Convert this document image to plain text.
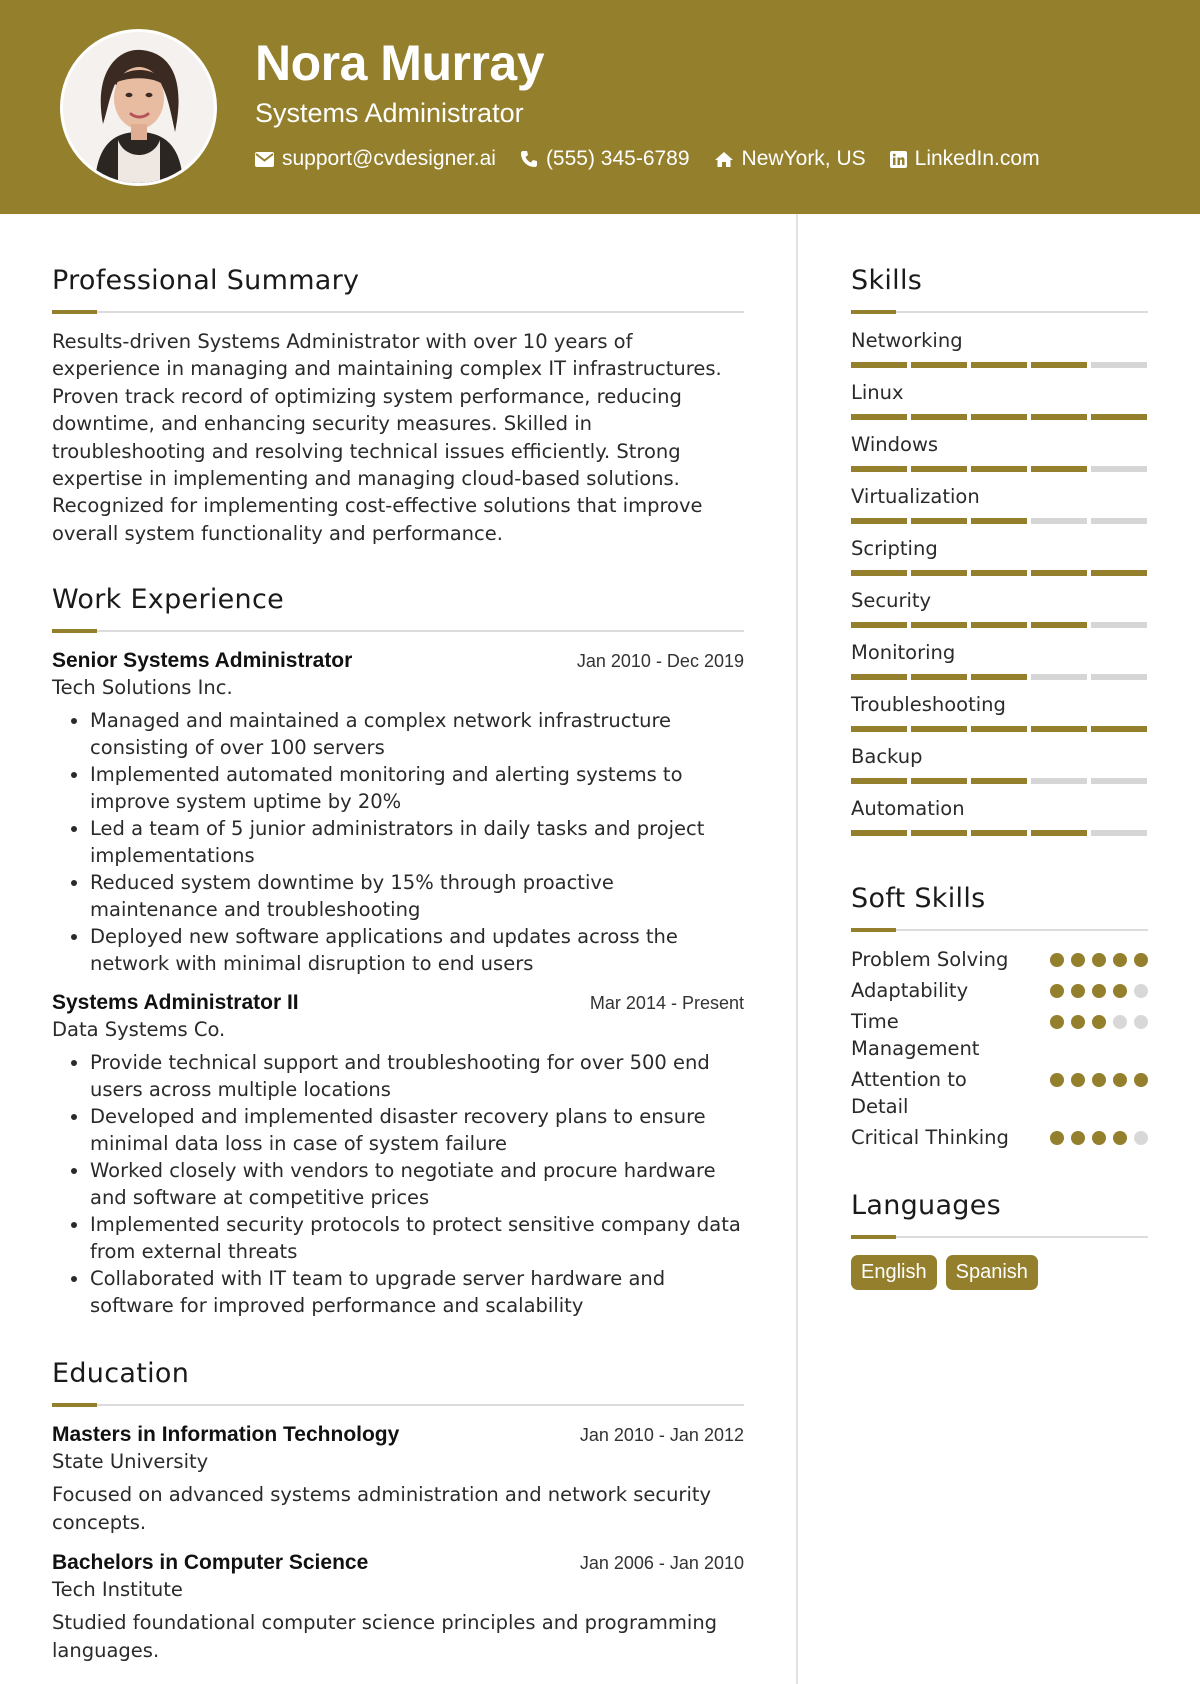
Nora Murray
Systems Administrator
support@cvdesigner.ai (555) 345-6789 NewYork, US LinkedIn.com
Professional Summary
Results-driven Systems Administrator with over 10 years of experience in managing and maintaining complex IT infrastructures. Proven track record of optimizing system performance, reducing downtime, and enhancing security measures. Skilled in troubleshooting and resolving technical issues efficiently. Strong expertise in implementing and managing cloud-based solutions. Recognized for implementing cost-effective solutions that improve overall system functionality and performance.
Work Experience
Senior Systems Administrator	Jan 2010 - Dec 2019
Tech Solutions Inc.
• Managed and maintained a complex network infrastructure consisting of over 100 servers
• Implemented automated monitoring and alerting systems to improve system uptime by 20%
• Led a team of 5 junior administrators in daily tasks and project implementations
• Reduced system downtime by 15% through proactive maintenance and troubleshooting
• Deployed new software applications and updates across the network with minimal disruption to end users
Systems Administrator II	Mar 2014 - Present
Data Systems Co.
• Provide technical support and troubleshooting for over 500 end users across multiple locations
• Developed and implemented disaster recovery plans to ensure minimal data loss in case of system failure
• Worked closely with vendors to negotiate and procure hardware and software at competitive prices
• Implemented security protocols to protect sensitive company data from external threats
• Collaborated with IT team to upgrade server hardware and software for improved performance and scalability
Education
Masters in Information Technology	Jan 2010 - Jan 2012
State University
Focused on advanced systems administration and network security concepts.
Bachelors in Computer Science	Jan 2006 - Jan 2010
Tech Institute
Studied foundational computer science principles and programming languages.
Skills
Networking
Linux
Windows
Virtualization
Scripting
Security
Monitoring
Troubleshooting
Backup
Automation
Soft Skills
Problem Solving
Adaptability
Time Management
Attention to Detail
Critical Thinking
Languages
English	Spanish
